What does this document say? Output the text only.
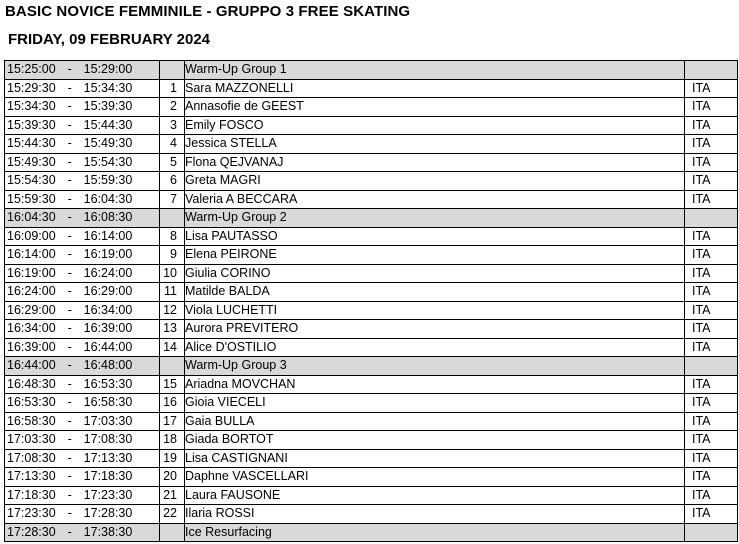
BASIC NOVICE FEMMINILE - GRUPPO 3 FREE SKATING
FRIDAY, 09 FEBRUARY 2024
15:25:00 - 15:29:00		Warm-Up Group 1	
15:29:30 - 15:34:30	1	Sara MAZZONELLI	ITA
15:34:30 - 15:39:30	2	Annasofie de GEEST	ITA
15:39:30 - 15:44:30	3	Emily FOSCO	ITA
15:44:30 - 15:49:30	4	Jessica STELLA	ITA
15:49:30 - 15:54:30	5	Flona QEJVANAJ	ITA
15:54:30 - 15:59:30	6	Greta MAGRI	ITA
15:59:30 - 16:04:30	7	Valeria A BECCARA	ITA
16:04:30 - 16:08:30		Warm-Up Group 2	
16:09:00 - 16:14:00	8	Lisa PAUTASSO	ITA
16:14:00 - 16:19:00	9	Elena PEIRONE	ITA
16:19:00 - 16:24:00	10	Giulia CORINO	ITA
16:24:00 - 16:29:00	11	Matilde BALDA	ITA
16:29:00 - 16:34:00	12	Viola LUCHETTI	ITA
16:34:00 - 16:39:00	13	Aurora PREVITERO	ITA
16:39:00 - 16:44:00	14	Alice D'OSTILIO	ITA
16:44:00 - 16:48:00		Warm-Up Group 3	
16:48:30 - 16:53:30	15	Ariadna MOVCHAN	ITA
16:53:30 - 16:58:30	16	Gioia VIECELI	ITA
16:58:30 - 17:03:30	17	Gaia BULLA	ITA
17:03:30 - 17:08:30	18	Giada BORTOT	ITA
17:08:30 - 17:13:30	19	Lisa CASTIGNANI	ITA
17:13:30 - 17:18:30	20	Daphne VASCELLARI	ITA
17:18:30 - 17:23:30	21	Laura FAUSONE	ITA
17:23:30 - 17:28:30	22	Ilaria ROSSI	ITA
17:28:30 - 17:38:30		Ice Resurfacing	
